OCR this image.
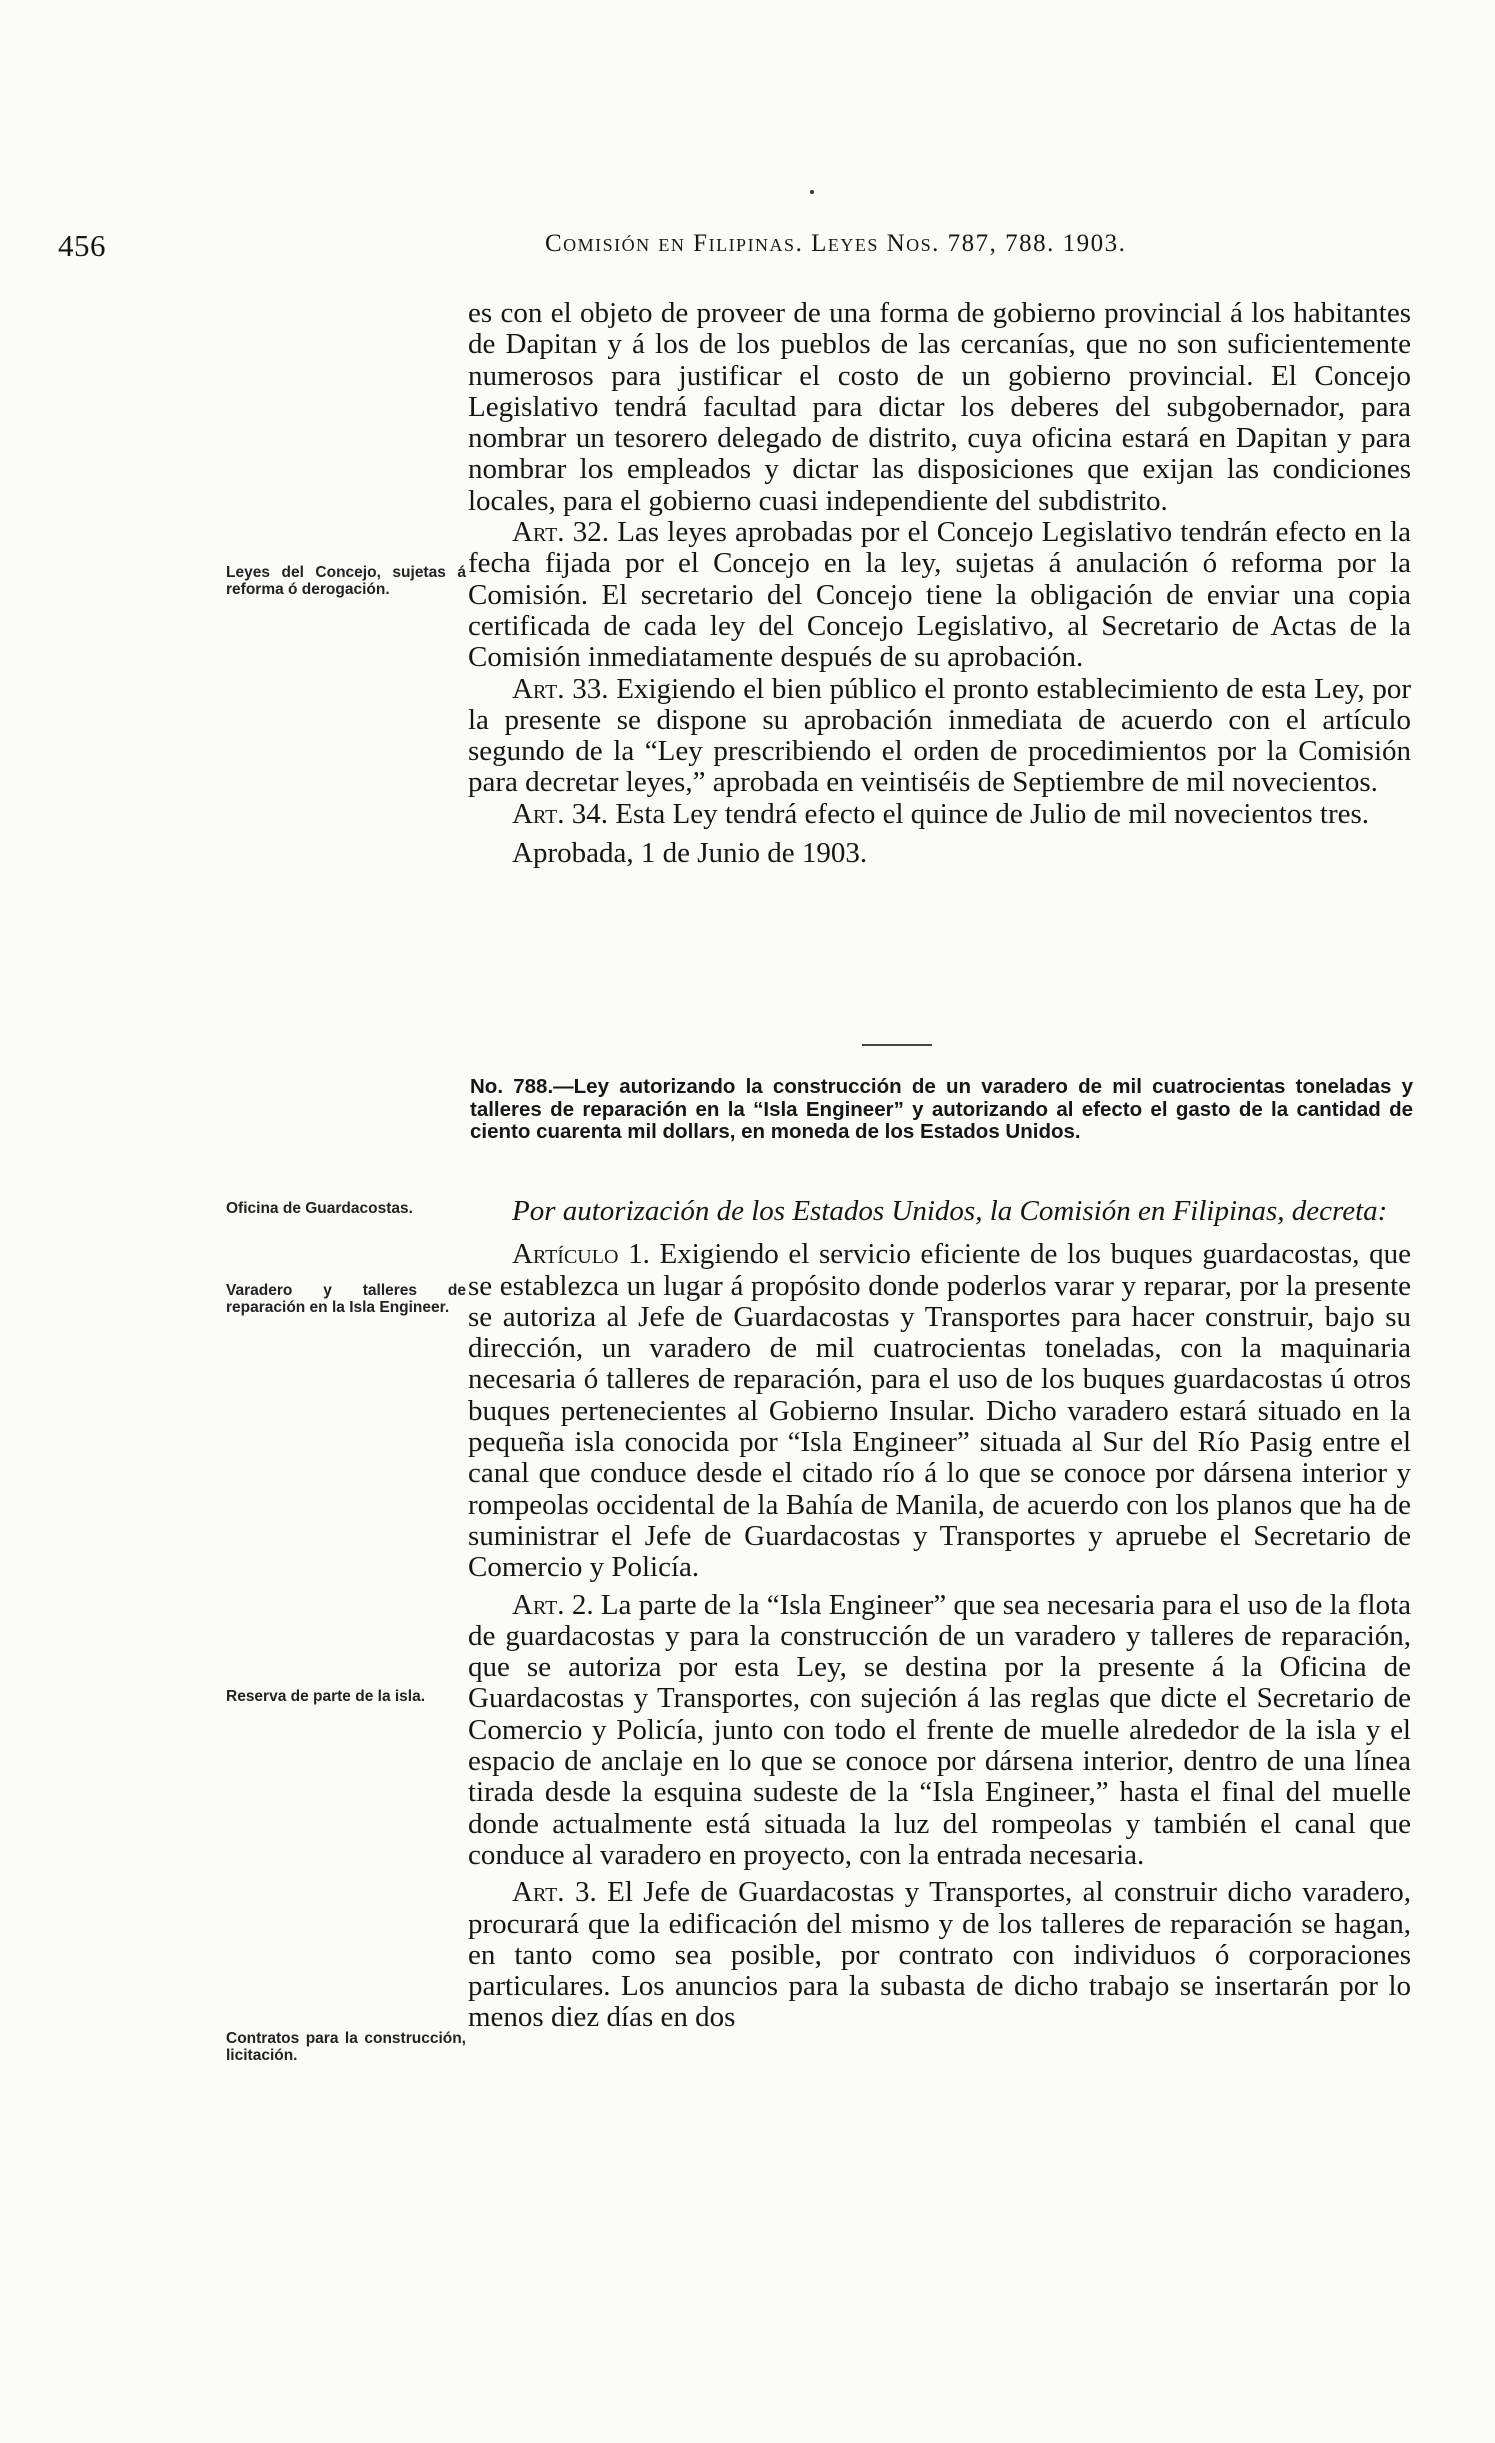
456	Comisión en Filipinas. Leyes Nos. 787, 788. 1903.

es con el objeto de proveer de una forma de gobierno provincial á los habitantes de Dapitan y á los de los pueblos de las cercanías, que no son suficientemente numerosos para justificar el costo de un gobierno provincial. El Concejo Legislativo tendrá facultad para dictar los deberes del subgobernador, para nombrar un tesorero delegado de distrito, cuya oficina estará en Dapitan y para nombrar los empleados y dictar las disposiciones que exijan las condiciones locales, para el gobierno cuasi independiente del subdistrito.

Art. 32. Las leyes aprobadas por el Concejo Legislativo tendrán efecto en la fecha fijada por el Concejo en la ley, sujetas á anulación ó reforma por la Comisión. El secretario del Concejo tiene la obligación de enviar una copia certificada de cada ley del Concejo Legislativo, al Secretario de Actas de la Comisión inmediatamente después de su aprobación.

Art. 33. Exigiendo el bien público el pronto establecimiento de esta Ley, por la presente se dispone su aprobación inmediata de acuerdo con el artículo segundo de la “Ley prescribiendo el orden de procedimientos por la Comisión para decretar leyes,” aprobada en veintiséis de Septiembre de mil novecientos.

Art. 34. Esta Ley tendrá efecto el quince de Julio de mil novecientos tres.

Aprobada, 1 de Junio de 1903.

No. 788.—Ley autorizando la construcción de un varadero de mil cuatrocientas toneladas y talleres de reparación en la “Isla Engineer” y autorizando al efecto el gasto de la cantidad de ciento cuarenta mil dollars, en moneda de los Estados Unidos.

Por autorización de los Estados Unidos, la Comisión en Filipinas, decreta:

Artículo 1. Exigiendo el servicio eficiente de los buques guardacostas, que se establezca un lugar á propósito donde poderlos varar y reparar, por la presente se autoriza al Jefe de Guardacostas y Transportes para hacer construir, bajo su dirección, un varadero de mil cuatrocientas toneladas, con la maquinaria necesaria ó talleres de reparación, para el uso de los buques guardacostas ú otros buques pertenecientes al Gobierno Insular. Dicho varadero estará situado en la pequeña isla conocida por “Isla Engineer” situada al Sur del Río Pasig entre el canal que conduce desde el citado río á lo que se conoce por dársena interior y rompeolas occidental de la Bahía de Manila, de acuerdo con los planos que ha de suministrar el Jefe de Guardacostas y Transportes y apruebe el Secretario de Comercio y Policía.

Art. 2. La parte de la “Isla Engineer” que sea necesaria para el uso de la flota de guardacostas y para la construcción de un varadero y talleres de reparación, que se autoriza por esta Ley, se destina por la presente á la Oficina de Guardacostas y Transportes, con sujeción á las reglas que dicte el Secretario de Comercio y Policía, junto con todo el frente de muelle alrededor de la isla y el espacio de anclaje en lo que se conoce por dársena interior, dentro de una línea tirada desde la esquina sudeste de la “Isla Engineer,” hasta el final del muelle donde actualmente está situada la luz del rompeolas y también el canal que conduce al varadero en proyecto, con la entrada necesaria.

Art. 3. El Jefe de Guardacostas y Transportes, al construir dicho varadero, procurará que la edificación del mismo y de los talleres de reparación se hagan, en tanto como sea posible, por contrato con individuos ó corporaciones particulares. Los anuncios para la subasta de dicho trabajo se insertarán por lo menos diez días en dos

Leyes del Concejo, sujetas á reforma ó derogación.
Oficina de Guardacostas.
Varadero y talleres de reparación en la Isla Engineer.
Reserva de parte de la isla.
Contratos para la construcción, licitación.
